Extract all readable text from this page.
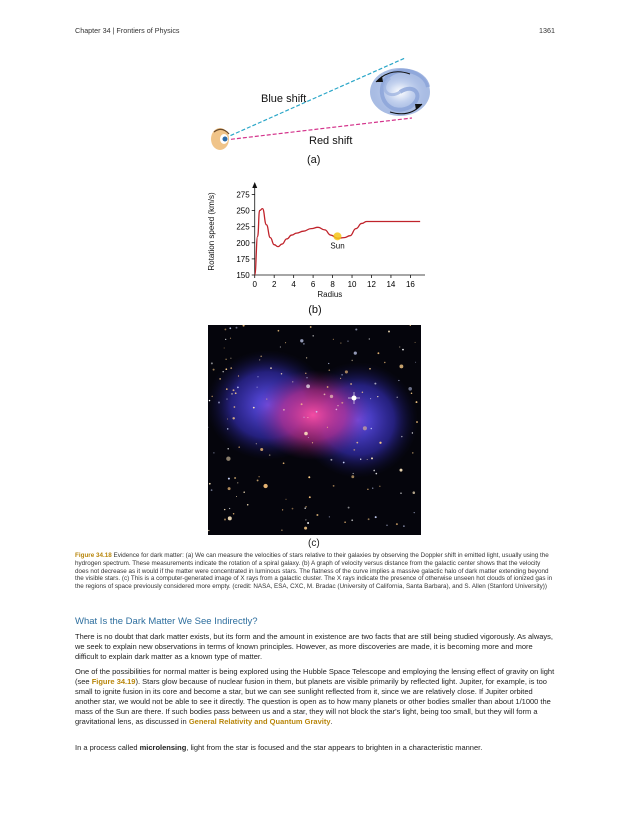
Chapter 34 | Frontiers of Physics	1361
Blue shift
Red shift
(a)
150
175
200
225
250
275
0 2 4 6 8 10 12 14 16
Sun
Radius
Rotation speed (km/s)
(b)
(c)
Figure 34.18 Evidence for dark matter: (a) We can measure the velocities of stars relative to their galaxies by observing the Doppler shift in emitted light, usually using the hydrogen spectrum. These measurements indicate the rotation of a spiral galaxy. (b) A graph of velocity versus distance from the galactic center shows that the velocity does not decrease as it would if the matter were concentrated in luminous stars. The flatness of the curve implies a massive galactic halo of dark matter extending beyond the visible stars. (c) This is a computer-generated image of X rays from a galactic cluster. The X rays indicate the presence of otherwise unseen hot clouds of ionized gas in the regions of space previously considered more empty. (credit: NASA, ESA, CXC, M. Bradac (University of California, Santa Barbara), and S. Allen (Stanford University))
What Is the Dark Matter We See Indirectly?
There is no doubt that dark matter exists, but its form and the amount in existence are two facts that are still being studied vigorously. As always, we seek to explain new observations in terms of known principles. However, as more discoveries are made, it is becoming more and more difficult to explain dark matter as a known type of matter.
One of the possibilities for normal matter is being explored using the Hubble Space Telescope and employing the lensing effect of gravity on light (see Figure 34.19). Stars glow because of nuclear fusion in them, but planets are visible primarily by reflected light. Jupiter, for example, is too small to ignite fusion in its core and become a star, but we can see sunlight reflected from it, since we are relatively close. If Jupiter orbited another star, we would not be able to see it directly. The question is open as to how many planets or other bodies smaller than about 1/1000 the mass of the Sun are there. If such bodies pass between us and a star, they will not block the star's light, being too small, but they will form a gravitational lens, as discussed in General Relativity and Quantum Gravity.
In a process called microlensing, light from the star is focused and the star appears to brighten in a characteristic manner.
